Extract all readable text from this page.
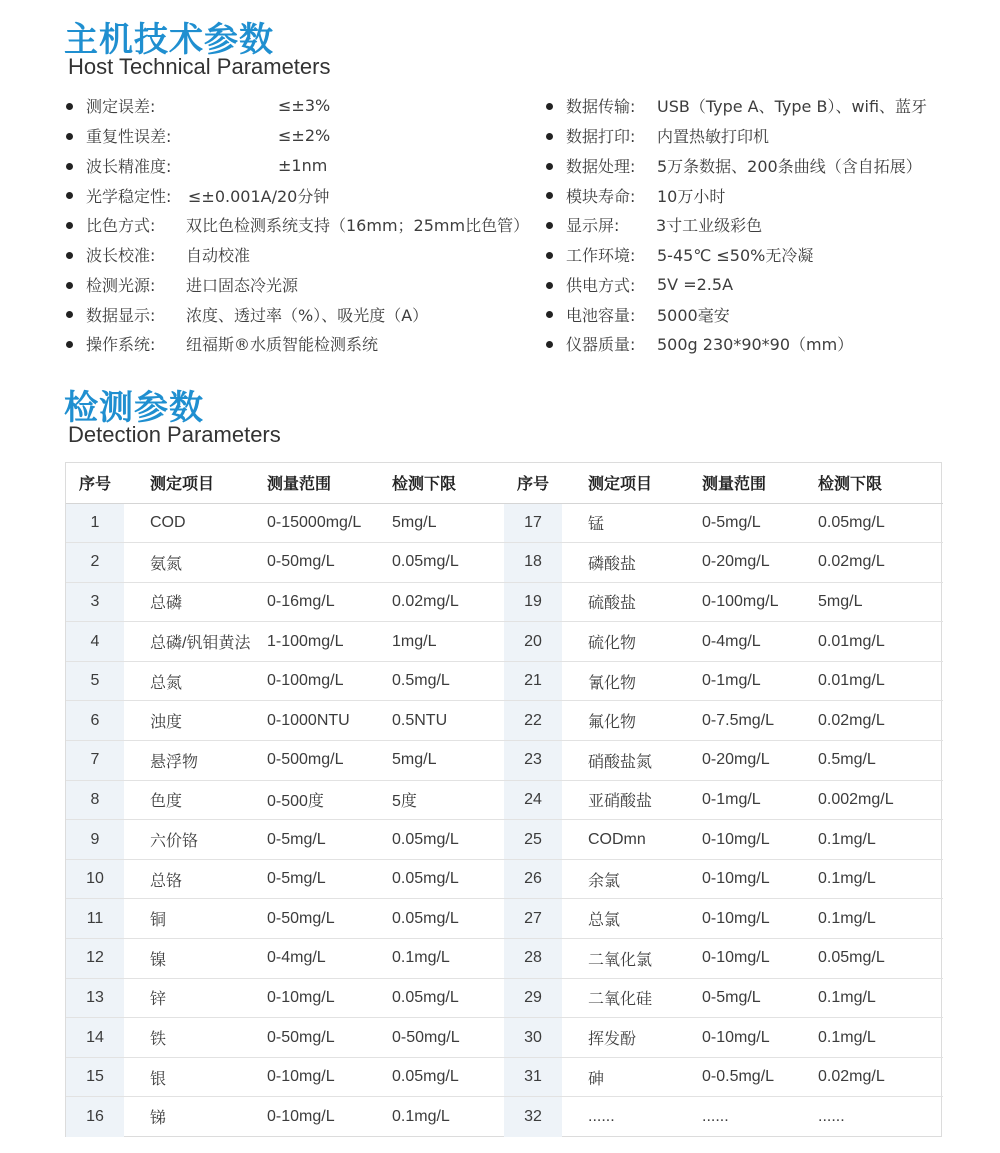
主机技术参数
Host Technical Parameters
测定误差:	≤±3%
重复性误差:	≤±2%
波长精准度:	±1nm
光学稳定性: ≤±0.001A/20分钟
比色方式: 双比色检测系统支持（16mm；25mm比色管）
波长校准: 自动校准
检测光源: 进口固态冷光源
数据显示: 浓度、透过率（%）、吸光度（A）
操作系统: 纽福斯®水质智能检测系统
数据传输: USB（Type A、Type B）、wifi、蓝牙
数据打印: 内置热敏打印机
数据处理: 5万条数据、200条曲线（含自拓展）
模块寿命: 10万小时
显示屏: 3寸工业级彩色
工作环境: 5-45℃ ≤50%无冷凝
供电方式: 5V =2.5A
电池容量: 5000毫安
仪器质量: 500g 230*90*90（mm）
检测参数
Detection Parameters
序号	测定项目	测量范围	检测下限	序号	测定项目	测量范围	检测下限
1	COD	0-15000mg/L	5mg/L	17	锰	0-5mg/L	0.05mg/L
2	氨氮	0-50mg/L	0.05mg/L	18	磷酸盐	0-20mg/L	0.02mg/L
3	总磷	0-16mg/L	0.02mg/L	19	硫酸盐	0-100mg/L	5mg/L
4	总磷/钒钼黄法	1-100mg/L	1mg/L	20	硫化物	0-4mg/L	0.01mg/L
5	总氮	0-100mg/L	0.5mg/L	21	氰化物	0-1mg/L	0.01mg/L
6	浊度	0-1000NTU	0.5NTU	22	氟化物	0-7.5mg/L	0.02mg/L
7	悬浮物	0-500mg/L	5mg/L	23	硝酸盐氮	0-20mg/L	0.5mg/L
8	色度	0-500度	5度	24	亚硝酸盐	0-1mg/L	0.002mg/L
9	六价铬	0-5mg/L	0.05mg/L	25	CODmn	0-10mg/L	0.1mg/L
10	总铬	0-5mg/L	0.05mg/L	26	余氯	0-10mg/L	0.1mg/L
11	铜	0-50mg/L	0.05mg/L	27	总氯	0-10mg/L	0.1mg/L
12	镍	0-4mg/L	0.1mg/L	28	二氧化氯	0-10mg/L	0.05mg/L
13	锌	0-10mg/L	0.05mg/L	29	二氧化硅	0-5mg/L	0.1mg/L
14	铁	0-50mg/L	0-50mg/L	30	挥发酚	0-10mg/L	0.1mg/L
15	银	0-10mg/L	0.05mg/L	31	砷	0-0.5mg/L	0.02mg/L
16	锑	0-10mg/L	0.1mg/L	32	......	......	......
